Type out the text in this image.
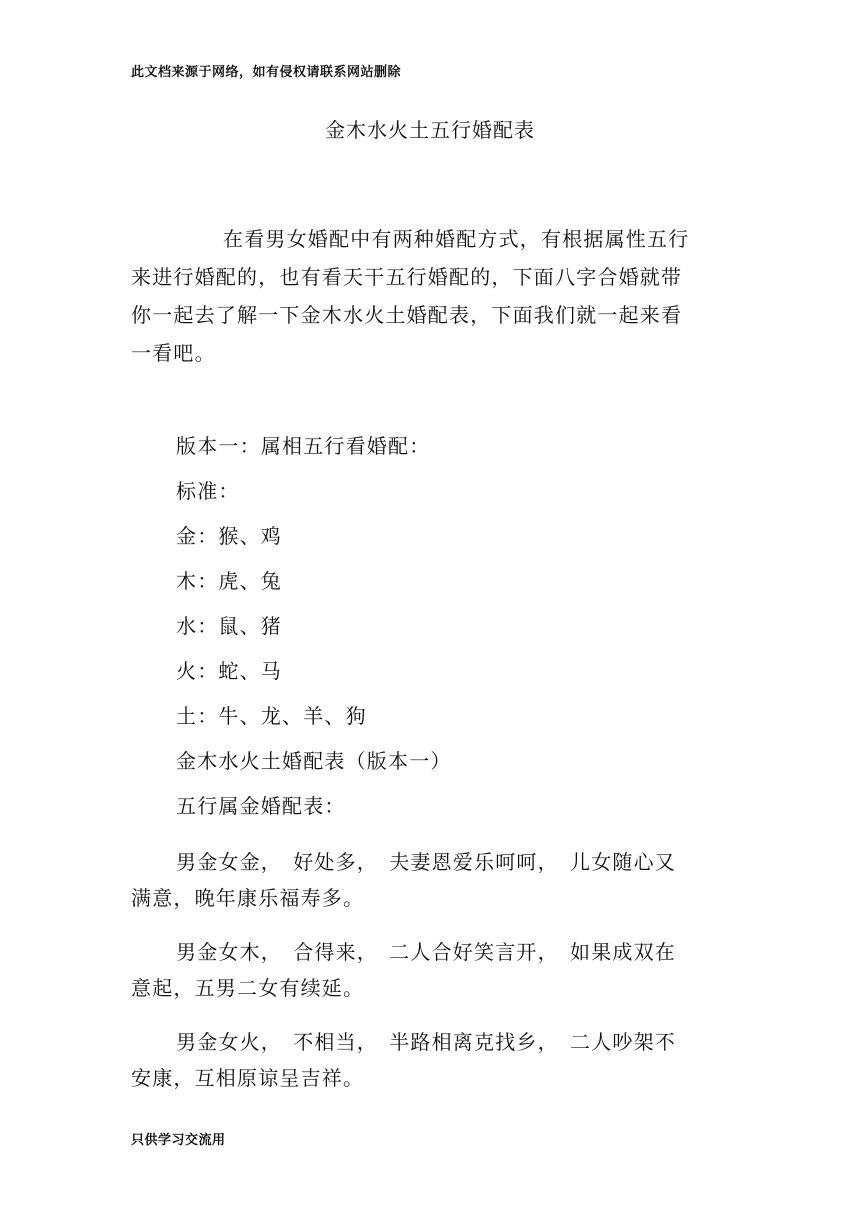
此文档来源于网络，如有侵权请联系网站删除
金木水火土五行婚配表

在看男女婚配中有两种婚配方式，有根据属性五行来进行婚配的，也有看天干五行婚配的，下面八字合婚就带你一起去了解一下金木水火土婚配表，下面我们就一起来看一看吧。

版本一：属相五行看婚配：
标准：
金：猴、鸡
木：虎、兔
水：鼠、猪
火：蛇、马
土：牛、龙、羊、狗
金木水火土婚配表（版本一）
五行属金婚配表：

男金女金，　好处多，　夫妻恩爱乐呵呵，　儿女随心又满意，晚年康乐福寿多。

男金女木，　合得来，　二人合好笑言开，　如果成双在意起，五男二女有续延。

男金女火，　不相当，　半路相离克找乡，　二人吵架不安康，互相原谅呈吉祥。

只供学习交流用
